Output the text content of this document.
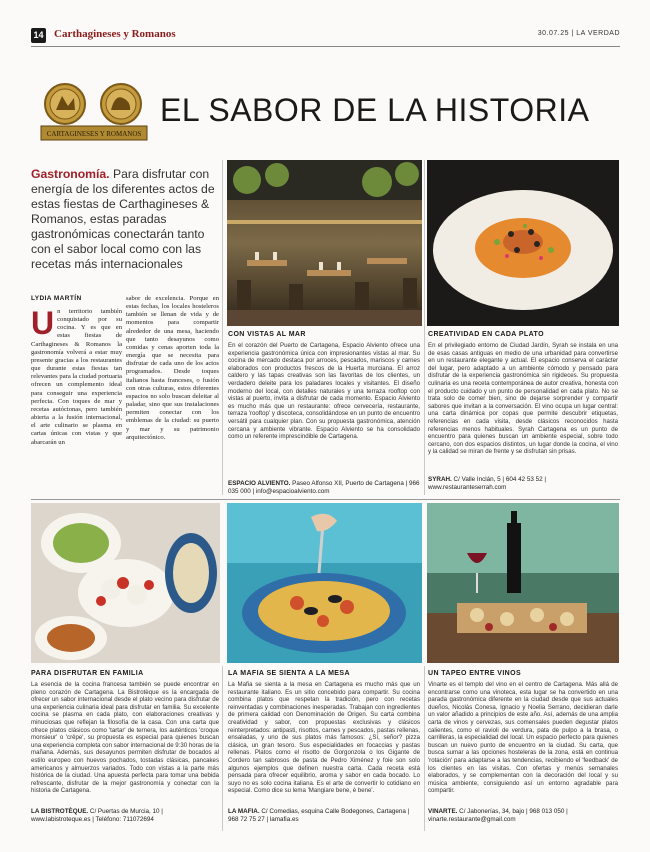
14 Carthagineses y Romanos	30.07.25 | LA VERDAD
CARTAGINESES Y ROMANOS
EL SABOR DE LA HISTORIA
Gastronomía. Para disfrutar con energía de los diferentes actos de estas fiestas de Carthagineses & Romanos, estas paradas gastronómicas conectarán tanto con el sabor local como con las recetas más internacionales
LYDIA MARTÍN
Un territorio también conquistado por su cocina. Y es que en estas fiestas de Carthagineses & Romanos la gastronomía volverá a estar muy presente gracias a los restaurantes que durante estas fiestas tan relevantes para la ciudad portuaria ofrecen un complemento ideal para conseguir una experiencia perfecta. Con toques de mar y recetas autóctonas, pero también abierta a la fusión internacional, el arte culinario se plasma en cartas únicas con vistas y que abarcarán un
sabor de excelencia. Porque en estas fechas, los locales hosteleros también se llenan de vida y de momentos para compartir alrededor de una mesa, haciendo que tanto desayunos como comidas y cenas aporten toda la energía que se necesita para disfrutar de cada uno de los actos programados. Desde toques italianos hasta franceses, o fusión con otras culturas, estos diferentes espacios no solo buscan deleitar al paladar, sino que sus instalaciones permiten conectar con los emblemas de la ciudad: su puerto y mar y su patrimonio arquitectónico.
CON VISTAS AL MAR
En el corazón del Puerto de Cartagena, Espacio Alviento ofrece una experiencia gastronómica única con impresionantes vistas al mar. Su cocina de mercado destaca por arroces, pescados, mariscos y carnes elaborados con productos frescos de la Huerta murciana. El arroz caldero y las tapas creativas son las favoritas de los clientes, un verdadero deleite para los paladares locales y visitantes. El diseño moderno del local, con detalles naturales y una terraza rooftop con vistas al puerto, invita a disfrutar de cada momento. Espacio Alviento es mucho más que un restaurante: ofrece cervecería, restaurante, terraza 'rooftop' y discoteca, consolidándose en un punto de encuentro versátil para cualquier plan. Con su propuesta gastronómica, atención cercana y ambiente vibrante. Espacio Alviento se ha consolidado como un referente imprescindible de Cartagena.
ESPACIO ALVIENTO. Paseo Alfonso XII, Puerto de Cartagena | 966 035 000 | info@espacioalviento.com
CREATIVIDAD EN CADA PLATO
En el privilegiado entorno de Ciudad Jardín, Syrah se instala en una de esas casas antiguas en medio de una urbanidad para convertirse en un restaurante elegante y actual. El espacio conserva el carácter del lugar, pero adaptado a un ambiente cómodo y pensado para disfrutar de la experiencia gastronómica sin rigideces. Su propuesta culinaria es una receta contemporánea de autor creativa, honesta con el producto cuidado y un punto de personalidad en cada plato. No se trata solo de comer bien, sino de dejarse sorprender y compartir sabores que invitan a la conversación. El vino ocupa un lugar central: una carta dinámica por copas que permite descubrir etiquetas, referencias en cada visita, desde clásicos reconocidos hasta referencias menos habituales. Syrah Cartagena es un punto de encuentro para quienes buscan un ambiente especial, sobre todo cercano, con dos espacios distintos, un lugar donde la cocina, el vino y la calidad se miran de frente y se disfrutan sin prisas.
SYRAH. C/ Valle Inclán, 5 | 604 42 53 52 | www.restauranteserrah.com
PARA DISFRUTAR EN FAMILIA
La esencia de la cocina francesa también se puede encontrar en pleno corazón de Cartagena. La Bistrotèque es la encargada de ofrecer un sabor internacional desde el plato vecino para disfrutar de una experiencia culinaria ideal para disfrutar en familia. Su excelente cocina se plasma en cada plato, con elaboraciones creativas y minuciosas que reflejan la filosofía de la casa. Con una carta que ofrece platos clásicos como 'tartar' de ternera, los auténticos 'croque monsieur' o 'crêpe', su propuesta es especial para quienes buscan una experiencia completa con sabor internacional de 9:30 horas de la mañana. Además, sus desayunos permiten disfrutar de bocados al estilo europeo con huevos pochados, tostadas clásicas, pancakes americanos y almuerzos variados. Todo con vistas a la parte más histórica de la ciudad. Una apuesta perfecta para tomar una bebida refrescante, disfrutar de la mejor gastronomía y conectar con la historia de Cartagena.
LA BISTROTÈQUE. C/ Puertas de Murcia, 10 | www.labistroteque.es | Teléfono: 711072694
LA MAFIA SE SIENTA A LA MESA
La Mafia se sienta a la mesa en Cartagena es mucho más que un restaurante italiano. Es un sitio concebido para compartir. Su cocina combina platos que respetan la tradición, pero con recetas reinventadas y combinaciones inesperadas. Trabajan con ingredientes de primera calidad con Denominación de Origen. Su carta combina creatividad y sabor, con propuestas exclusivas y clásicos reinterpretados: antipasti, risottos, carnes y pescados, pastas rellenas, ensaladas, y uno de sus platos más famosos: ¿Sí, señor? pizza clásica, un gran tesoro. Sus especialidades en focaccias y pastas rellenas. Platos como el risotto de Gorgonzola o los Gigante de Cordero tan sabrosos de pasta de Pedro Ximénez y foie son solo algunos ejemplos que definen nuestra carta. Cada receta está pensada para ofrecer equilibrio, aroma y sabor en cada bocado. Lo suyo no es solo cocina italiana. Es el arte de convertir lo cotidiano en especial. Como dice su lema 'Mangiare bene, è bene'.
LA MAFIA. C/ Comedias, esquina Calle Bodegones, Cartagena | 968 72 75 27 | lamafia.es
UN TAPEO ENTRE VINOS
Vinarte es el templo del vino en el centro de Cartagena. Más allá de encontrarse como una vinoteca, esta lugar se ha convertido en una parada gastronómica diferente en la ciudad desde que sus actuales dueños, Nicolás Conesa, Ignacio y Noelia Serrano, decidieran darle un valor añadido a principios de este año. Así, además de una amplia carta de vinos y cervezas, sus comensales pueden degustar platos calientes, como el ravioli de verdura, pata de pulpo a la brasa, o carrilleras, la especialidad del local. Un espacio perfecto para quienes buscan un nuevo punto de encuentro en la ciudad. Su carta, que busca sumar a las opciones hosteleras de la zona, está en continua 'rotación' para adaptarse a las tendencias, recibiendo el 'feedback' de los clientes en las visitas. Con ofertas y menús semanales elaborados, y se complementan con la decoración del local y su música ambiente, consiguiendo así un entorno agradable para compartir.
VINARTE. C/ Jabonerías, 34, bajo | 968 013 050 | vinarte.restaurante@gmail.com
